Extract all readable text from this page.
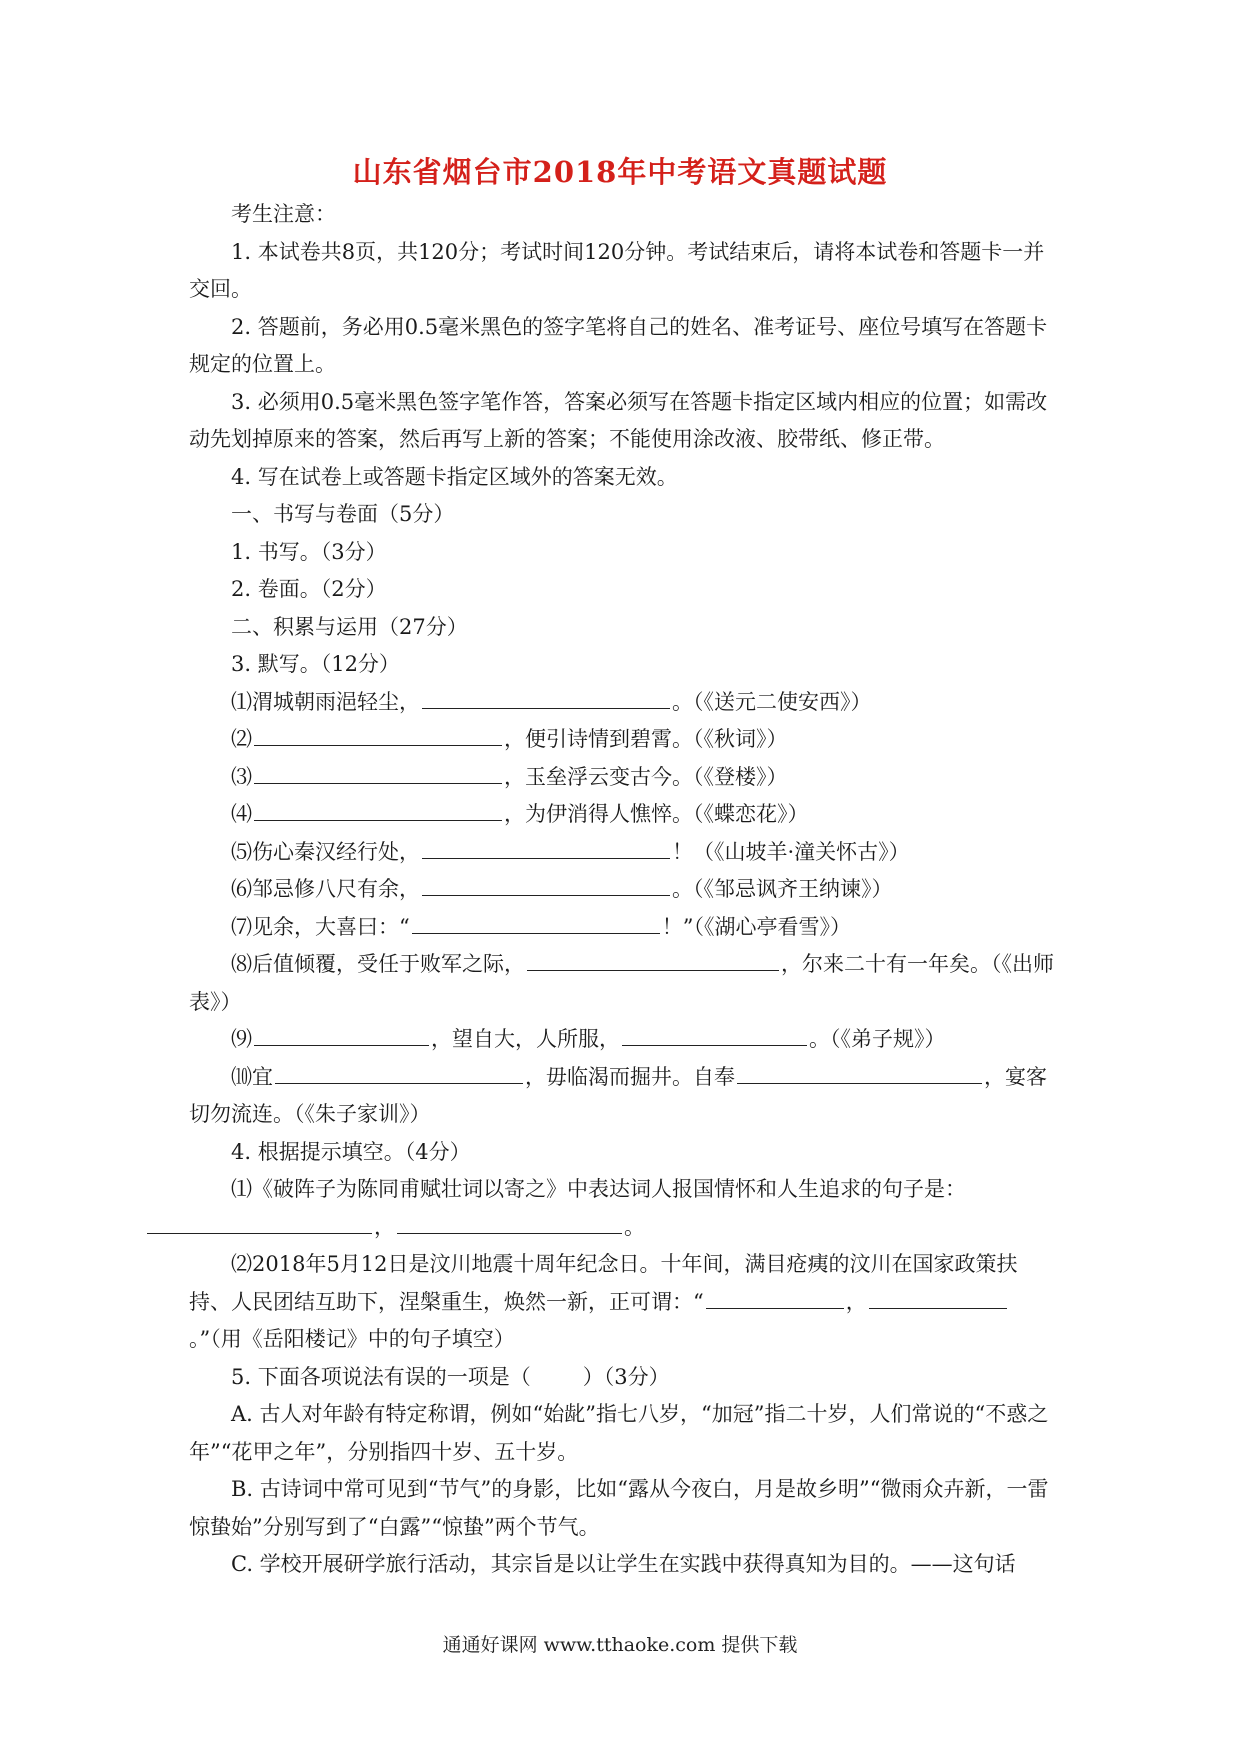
山东省烟台市2018年中考语文真题试题

考生注意：

1. 本试卷共8页，共120分；考试时间120分钟。考试结束后，请将本试卷和答题卡一并交回。

2. 答题前，务必用0.5毫米黑色的签字笔将自己的姓名、准考证号、座位号填写在答题卡规定的位置上。

3. 必须用0.5毫米黑色签字笔作答，答案必须写在答题卡指定区域内相应的位置；如需改动先划掉原来的答案，然后再写上新的答案；不能使用涂改液、胶带纸、修正带。

4. 写在试卷上或答题卡指定区域外的答案无效。

一、书写与卷面（5分）

1. 书写。（3分）

2. 卷面。（2分）

二、积累与运用（27分）

3. 默写。（12分）

⑴渭城朝雨浥轻尘，	。（《送元二使安西》）

⑵	，便引诗情到碧霄。（《秋词》）

⑶	，玉垒浮云变古今。（《登楼》）

⑷	，为伊消得人憔悴。（《蝶恋花》）

⑸伤心秦汉经行处，	！（《山坡羊·潼关怀古》）

⑹邹忌修八尺有余，	。（《邹忌讽齐王纳谏》）

⑺见余，大喜曰：“	！”（《湖心亭看雪》）

⑻后值倾覆，受任于败军之际，	，尔来二十有一年矣。（《出师表》）

⑼	，望自大，人所服，	。（《弟子规》）

⑽宜	，毋临渴而掘井。自奉	，宴客切勿流连。（《朱子家训》）

4. 根据提示填空。（4分）

⑴《破阵子为陈同甫赋壮词以寄之》中表达词人报国情怀和人生追求的句子是：
，	。

⑵2018年5月12日是汶川地震十周年纪念日。十年间，满目疮痍的汶川在国家政策扶持、人民团结互助下，涅槃重生，焕然一新，正可谓：“	，。”（用《岳阳楼记》中的句子填空）

5. 下面各项说法有误的一项是（ ）（3分）

A. 古人对年龄有特定称谓，例如“始龀”指七八岁，“加冠”指二十岁，人们常说的“不惑之年”“花甲之年”，分别指四十岁、五十岁。

B. 古诗词中常可见到“节气”的身影，比如“露从今夜白，月是故乡明”“微雨众卉新，一雷惊蛰始”分别写到了“白露”“惊蛰”两个节气。

C. 学校开展研学旅行活动，其宗旨是以让学生在实践中获得真知为目的。——这句话

通通好课网 www.tthaoke.com 提供下载
